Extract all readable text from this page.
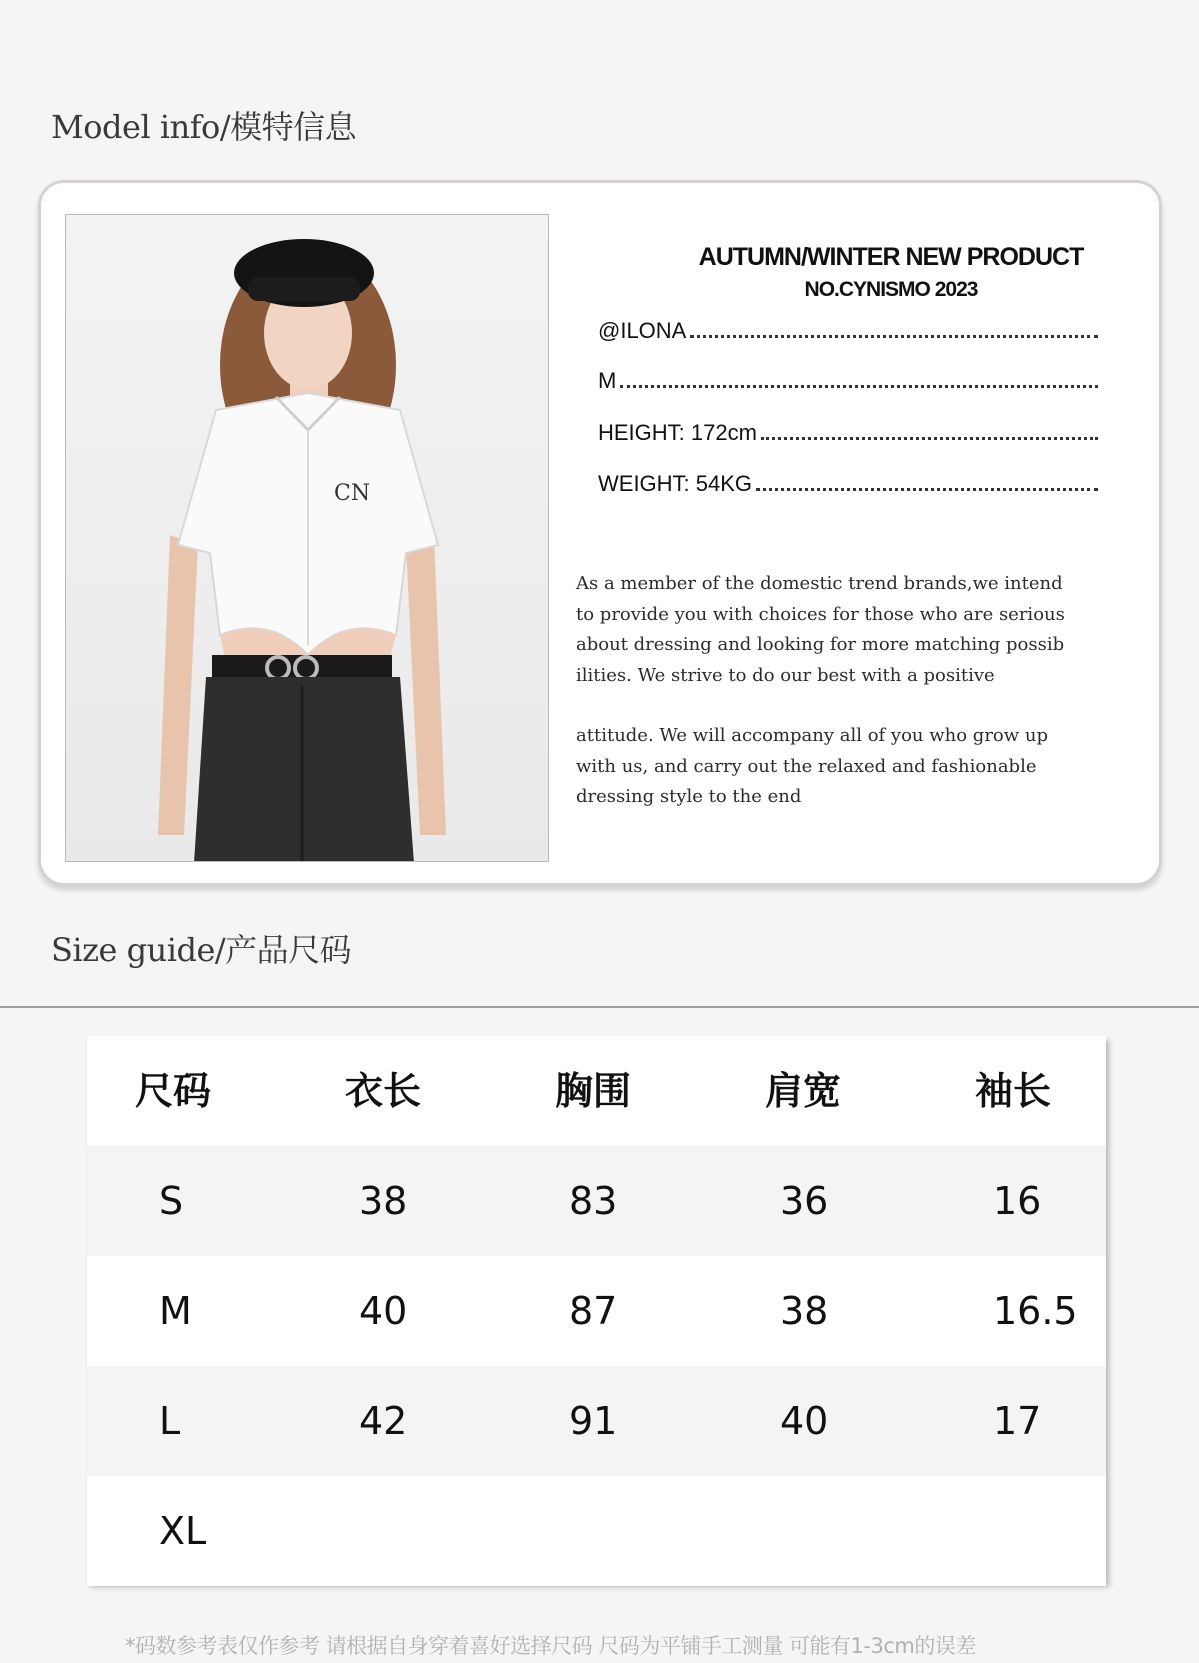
Model info/模特信息
CN
AUTUMN/WINTER NEW PRODUCT
NO.CYNISMO 2023
@ILONA
M
HEIGHT: 172cm
WEIGHT: 54KG
As a member of the domestic trend brands,we intend
to provide you with choices for those who are serious
about dressing and looking for more matching possib
ilities. We strive to do our best with a positive
attitude. We will accompany all of you who grow up
with us, and carry out the relaxed and fashionable
dressing style to the end
Size guide/产品尺码
尺码	衣长	胸围	肩宽	袖长
S	38	83	36	16
M	40	87	38	16.5
L	42	91	40	17
XL
*码数参考表仅作参考 请根据自身穿着喜好选择尺码 尺码为平铺手工测量 可能有1-3cm的误差
